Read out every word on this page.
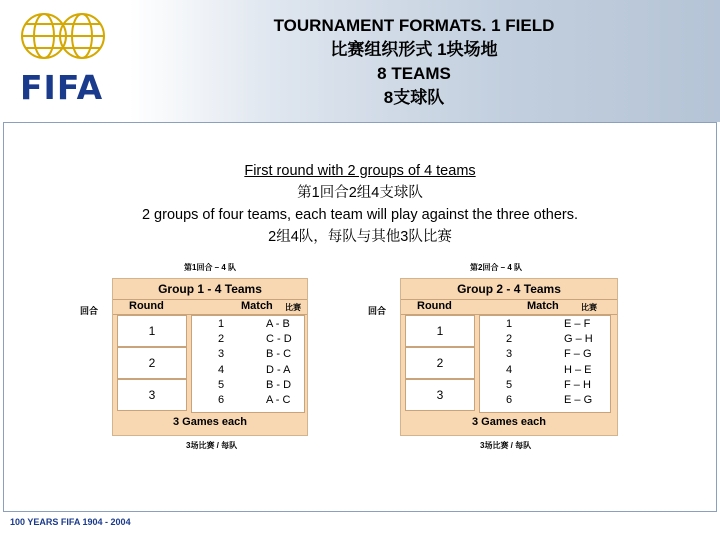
FIFA
TOURNAMENT FORMATS. 1 FIELD
比赛组织形式 1块场地
8 TEAMS
8支球队
First round with 2 groups of 4 teams
第1回合2组4支球队
2 groups of four teams, each team will play against the three others.
2组4队，每队与其他3队比赛
第1回合 – 4 队
回合
Group 1 - 4 Teams
Round	Match 比赛
1
2
3
1	A - B
2	C - D
3	B - C
4	D - A
5	B - D
6	A - C
3 Games each
3场比赛 / 每队
第2回合 – 4 队
回合
Group 2 - 4 Teams
Round	Match	比赛
1
2
3
1	E – F
2	G – H
3	F – G
4	H – E
5	F – H
6	E – G
3 Games each
3场比赛 / 每队
100 YEARS FIFA 1904 - 2004
